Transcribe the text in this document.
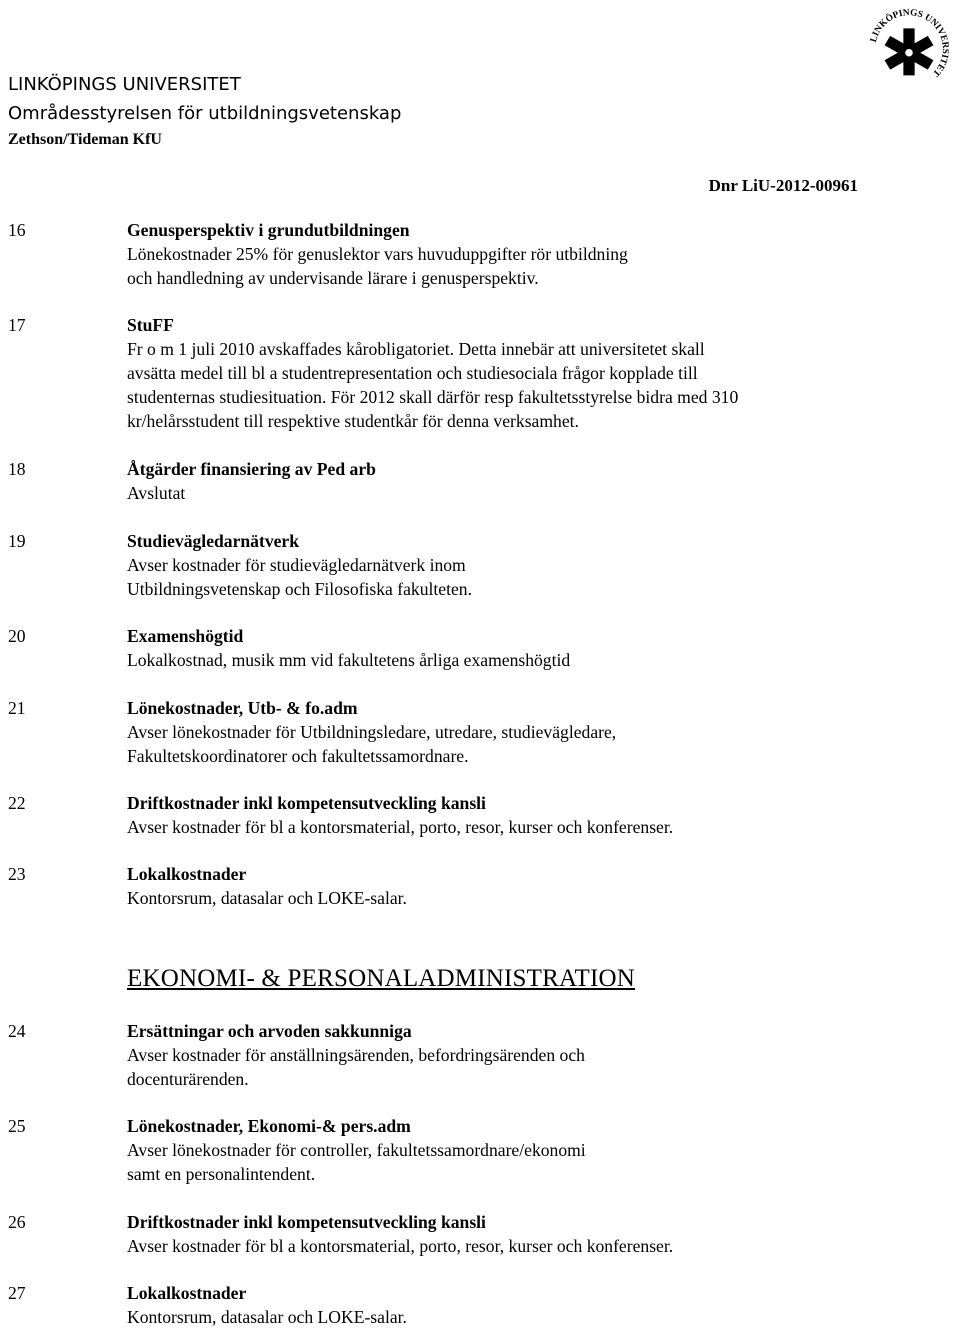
LINKÖPINGS UNIVERSITET
Områdesstyrelsen för utbildningsvetenskap
Zethson/Tideman KfU
Dnr LiU-2012-00961
LINKÖPINGS UNIVERSITET
16	Genusperspektiv i grundutbildningen
Lönekostnader 25% för genuslektor vars huvuduppgifter rör utbildning
och handledning av undervisande lärare i genusperspektiv.
17	StuFF
Fr o m 1 juli 2010 avskaffades kårobligatoriet. Detta innebär att universitetet skall
avsätta medel till bl a studentrepresentation och studiesociala frågor kopplade till
studenternas studiesituation. För 2012 skall därför resp fakultetsstyrelse bidra med 310
kr/helårsstudent till respektive studentkår för denna verksamhet.
18	Åtgärder finansiering av Ped arb
Avslutat
19	Studievägledarnätverk
Avser kostnader för studievägledarnätverk inom
Utbildningsvetenskap och Filosofiska fakulteten.
20	Examenshögtid
Lokalkostnad, musik mm vid fakultetens årliga examenshögtid
21	Lönekostnader, Utb- & fo.adm
Avser lönekostnader för Utbildningsledare, utredare, studievägledare,
Fakultetskoordinatorer och fakultetssamordnare.
22	Driftkostnader inkl kompetensutveckling kansli
Avser kostnader för bl a kontorsmaterial, porto, resor, kurser och konferenser.
23	Lokalkostnader
Kontorsrum, datasalar och LOKE-salar.
EKONOMI- & PERSONALADMINISTRATION
24	Ersättningar och arvoden sakkunniga
Avser kostnader för anställningsärenden, befordringsärenden och
docenturärenden.
25	Lönekostnader, Ekonomi-& pers.adm
Avser lönekostnader för controller, fakultetssamordnare/ekonomi
samt en personalintendent.
26	Driftkostnader inkl kompetensutveckling kansli
Avser kostnader för bl a kontorsmaterial, porto, resor, kurser och konferenser.
27	Lokalkostnader
Kontorsrum, datasalar och LOKE-salar.
